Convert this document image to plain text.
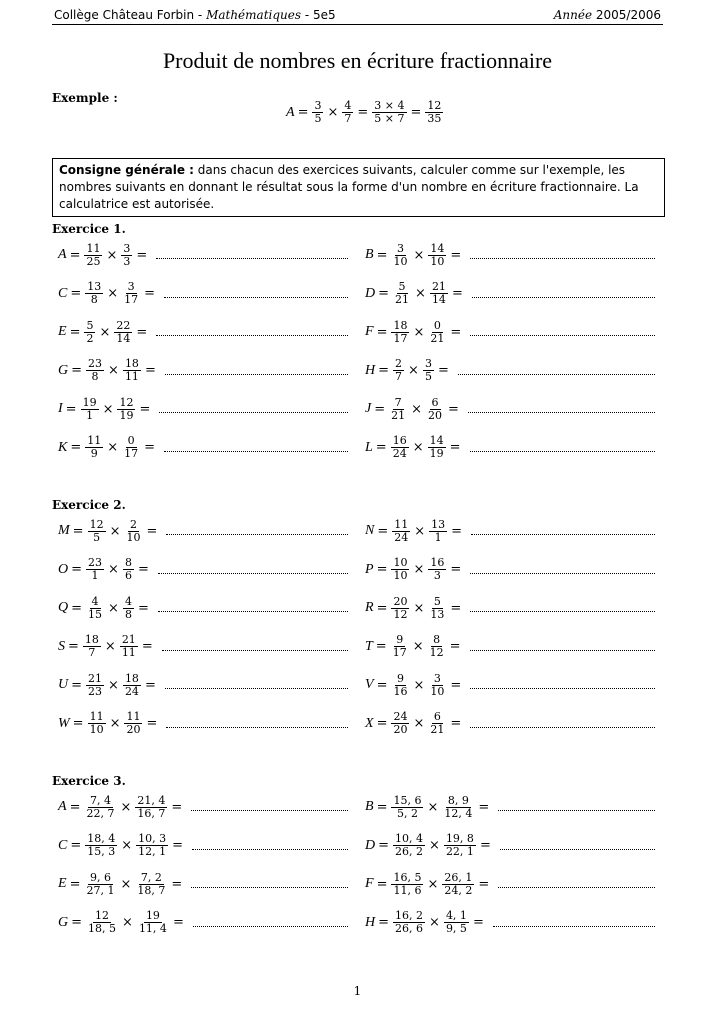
Collège Château Forbin - Mathématiques - 5e5	Année 2005/2006
Produit de nombres en écriture fractionnaire
Exemple :
$A = \frac{3}{5} \times \frac{4}{7} = \frac{3 \times 4}{5 \times 7} = \frac{12}{35}$
Consigne générale : dans chacun des exercices suivants, calculer comme sur l'exemple, les nombres suivants en donnant le résultat sous la forme d'un nombre en écriture fractionnaire. La calculatrice est autorisée.
Exercice 1.
$A = \frac{11}{25} \times \frac{3}{3}$ =	$B = \frac{3}{10} \times \frac{14}{10}$ =
$C = \frac{13}{8} \times \frac{3}{17}$ =	$D = \frac{5}{21} \times \frac{21}{14}$ =
$E = \frac{5}{2} \times \frac{22}{14}$ =	$F = \frac{18}{17} \times \frac{0}{21}$ =
$G = \frac{23}{8} \times \frac{18}{11}$ =	$H = \frac{2}{7} \times \frac{3}{5}$ =
$I = \frac{19}{1} \times \frac{12}{19}$ =	$J = \frac{7}{21} \times \frac{6}{20}$ =
$K = \frac{11}{9} \times \frac{0}{17}$ =	$L = \frac{16}{24} \times \frac{14}{19}$ =
Exercice 2.
$M = \frac{12}{5} \times \frac{2}{10}$ =	$N = \frac{11}{24} \times \frac{13}{1}$ =
$O = \frac{23}{1} \times \frac{8}{6}$ =	$P = \frac{10}{10} \times \frac{16}{3}$ =
$Q = \frac{4}{15} \times \frac{4}{8}$ =	$R = \frac{20}{12} \times \frac{5}{13}$ =
$S = \frac{18}{7} \times \frac{21}{11}$ =	$T = \frac{9}{17} \times \frac{8}{12}$ =
$U = \frac{21}{23} \times \frac{18}{24}$ =	$V = \frac{9}{16} \times \frac{3}{10}$ =
$W = \frac{11}{10} \times \frac{11}{20}$ =	$X = \frac{24}{20} \times \frac{6}{21}$ =
Exercice 3.
$A = \frac{7, 4}{22, 7} \times \frac{21, 4}{16, 7}$ =	$B = \frac{15, 6}{5, 2} \times \frac{8, 9}{12, 4}$ =
$C = \frac{18, 4}{15, 3} \times \frac{10, 3}{12, 1}$ =	$D = \frac{10, 4}{26, 2} \times \frac{19, 8}{22, 1}$ =
$E = \frac{9, 6}{27, 1} \times \frac{7, 2}{18, 7}$ =	$F = \frac{16, 5}{11, 6} \times \frac{26, 1}{24, 2}$ =
$G = \frac{12}{18, 5} \times \frac{19}{11, 4}$ =	$H = \frac{16, 2}{26, 6} \times \frac{4, 1}{9, 5}$ =
1
